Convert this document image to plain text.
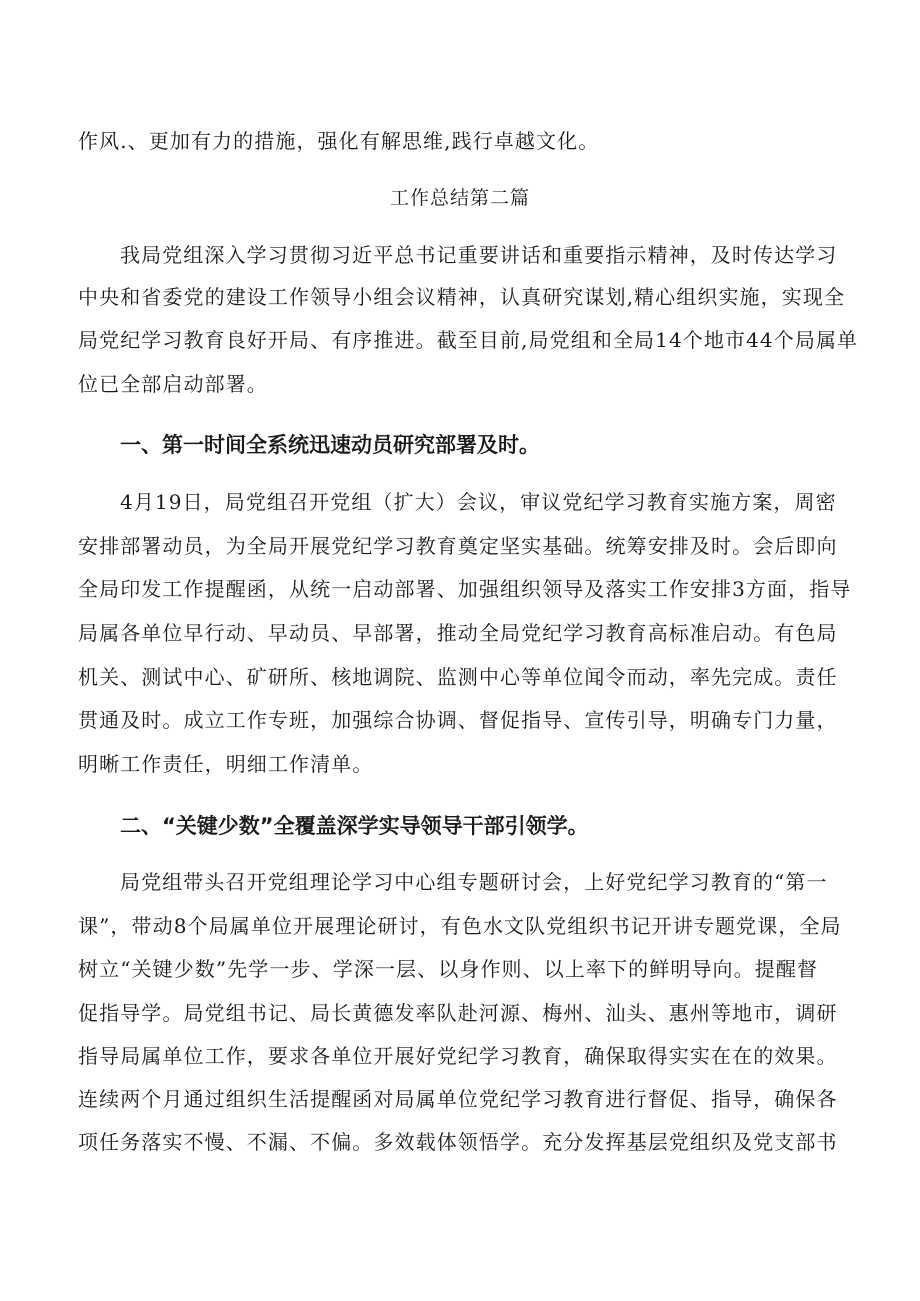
作风.、更加有力的措施，强化有解思维,践行卓越文化。
工作总结第二篇
我局党组深入学习贯彻习近平总书记重要讲话和重要指示精神，及时传达学习
中央和省委党的建设工作领导小组会议精神，认真研究谋划,精心组织实施，实现全
局党纪学习教育良好开局、有序推进。截至目前,局党组和全局14个地市44个局属单
位已全部启动部署。
一、第一时间全系统迅速动员研究部署及时。
4月19日，局党组召开党组（扩大）会议，审议党纪学习教育实施方案，周密
安排部署动员，为全局开展党纪学习教育奠定坚实基础。统筹安排及时。会后即向
全局印发工作提醒函，从统一启动部署、加强组织领导及落实工作安排3方面，指导
局属各单位早行动、早动员、早部署，推动全局党纪学习教育高标准启动。有色局
机关、测试中心、矿研所、核地调院、监测中心等单位闻令而动，率先完成。责任
贯通及时。成立工作专班，加强综合协调、督促指导、宣传引导，明确专门力量，
明晰工作责任，明细工作清单。
二、“关键少数”全覆盖深学实导领导干部引领学。
局党组带头召开党组理论学习中心组专题研讨会，上好党纪学习教育的“第一
课”，带动8个局属单位开展理论研讨，有色水文队党组织书记开讲专题党课，全局
树立“关键少数”先学一步、学深一层、以身作则、以上率下的鲜明导向。提醒督
促指导学。局党组书记、局长黄德发率队赴河源、梅州、汕头、惠州等地市，调研
指导局属单位工作，要求各单位开展好党纪学习教育，确保取得实实在在的效果。
连续两个月通过组织生活提醒函对局属单位党纪学习教育进行督促、指导，确保各
项任务落实不慢、不漏、不偏。多效载体领悟学。充分发挥基层党组织及党支部书
